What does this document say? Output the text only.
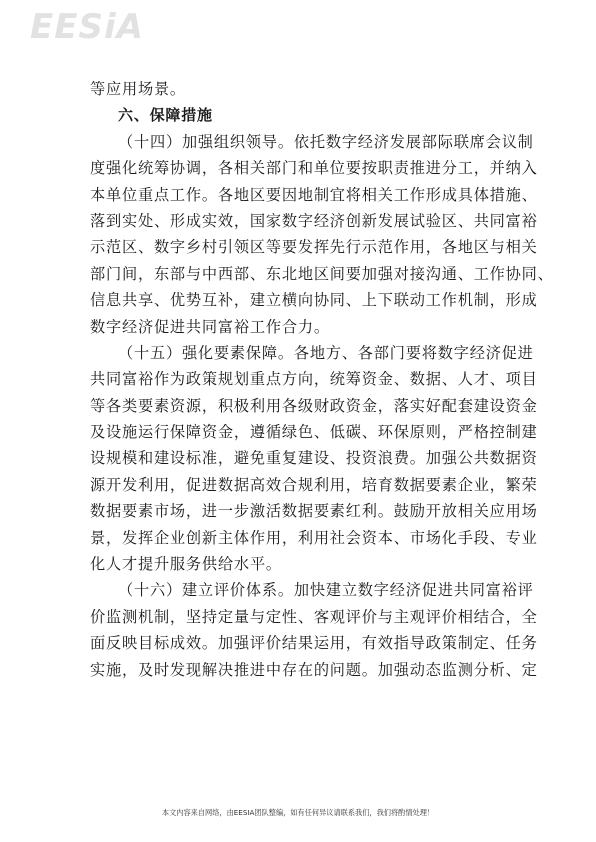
EESiA

等应用场景。

六、保障措施

（十四）加强组织领导。依托数字经济发展部际联席会议制

度强化统筹协调，各相关部门和单位要按职责推进分工，并纳入

本单位重点工作。各地区要因地制宜将相关工作形成具体措施、

落到实处、形成实效，国家数字经济创新发展试验区、共同富裕

示范区、数字乡村引领区等要发挥先行示范作用，各地区与相关

部门间，东部与中西部、东北地区间要加强对接沟通、工作协同、

信息共享、优势互补，建立横向协同、上下联动工作机制，形成

数字经济促进共同富裕工作合力。

（十五）强化要素保障。各地方、各部门要将数字经济促进

共同富裕作为政策规划重点方向，统筹资金、数据、人才、项目

等各类要素资源，积极利用各级财政资金，落实好配套建设资金

及设施运行保障资金，遵循绿色、低碳、环保原则，严格控制建

设规模和建设标准，避免重复建设、投资浪费。加强公共数据资

源开发利用，促进数据高效合规利用，培育数据要素企业，繁荣

数据要素市场，进一步激活数据要素红利。鼓励开放相关应用场

景，发挥企业创新主体作用，利用社会资本、市场化手段、专业

化人才提升服务供给水平。

（十六）建立评价体系。加快建立数字经济促进共同富裕评

价监测机制，坚持定量与定性、客观评价与主观评价相结合，全

面反映目标成效。加强评价结果运用，有效指导政策制定、任务

实施，及时发现解决推进中存在的问题。加强动态监测分析、定

本文内容来自网络，由EESIA团队整编，如有任何异议请联系我们，我们将酌情处理！
